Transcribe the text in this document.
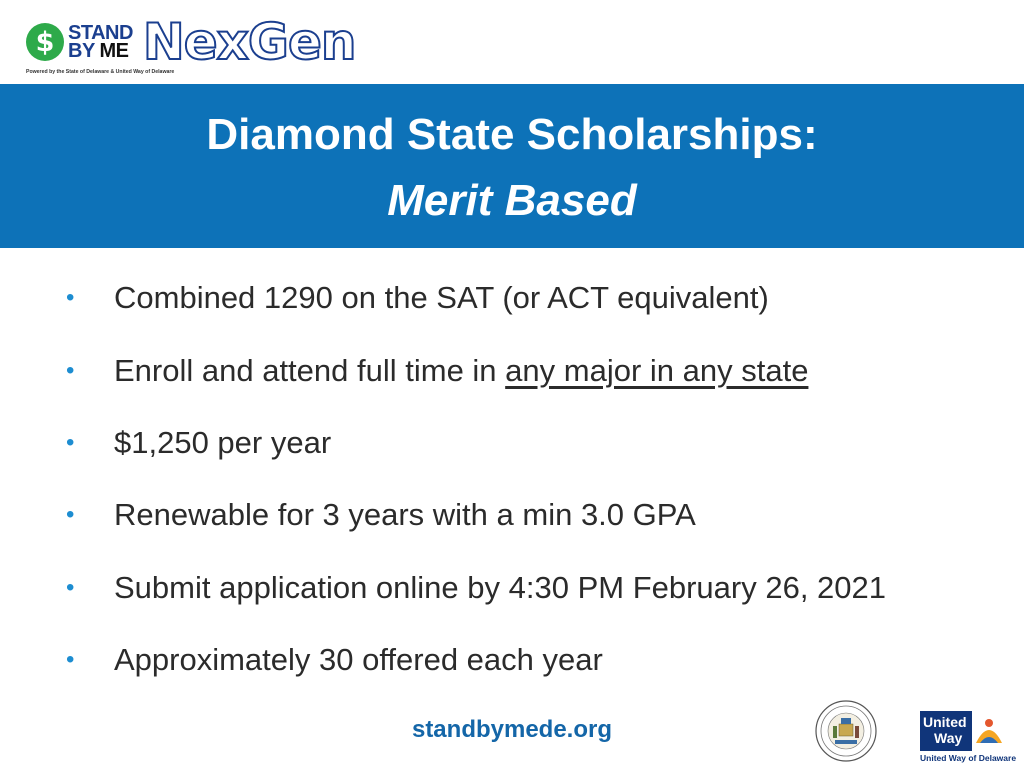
$ STAND
BY ME
Powered by the State of Delaware & United Way of Delaware
NexGen
Diamond State Scholarships:
Merit Based
•	Combined 1290 on the SAT (or ACT equivalent)
•	Enroll and attend full time in any major in any state
•	$1,250 per year
•	Renewable for 3 years with a min 3.0 GPA
•	Submit application online by 4:30 PM February 26, 2021
•	Approximately 30 offered each year
standbymede.org	United
Way
United Way of Delaware
